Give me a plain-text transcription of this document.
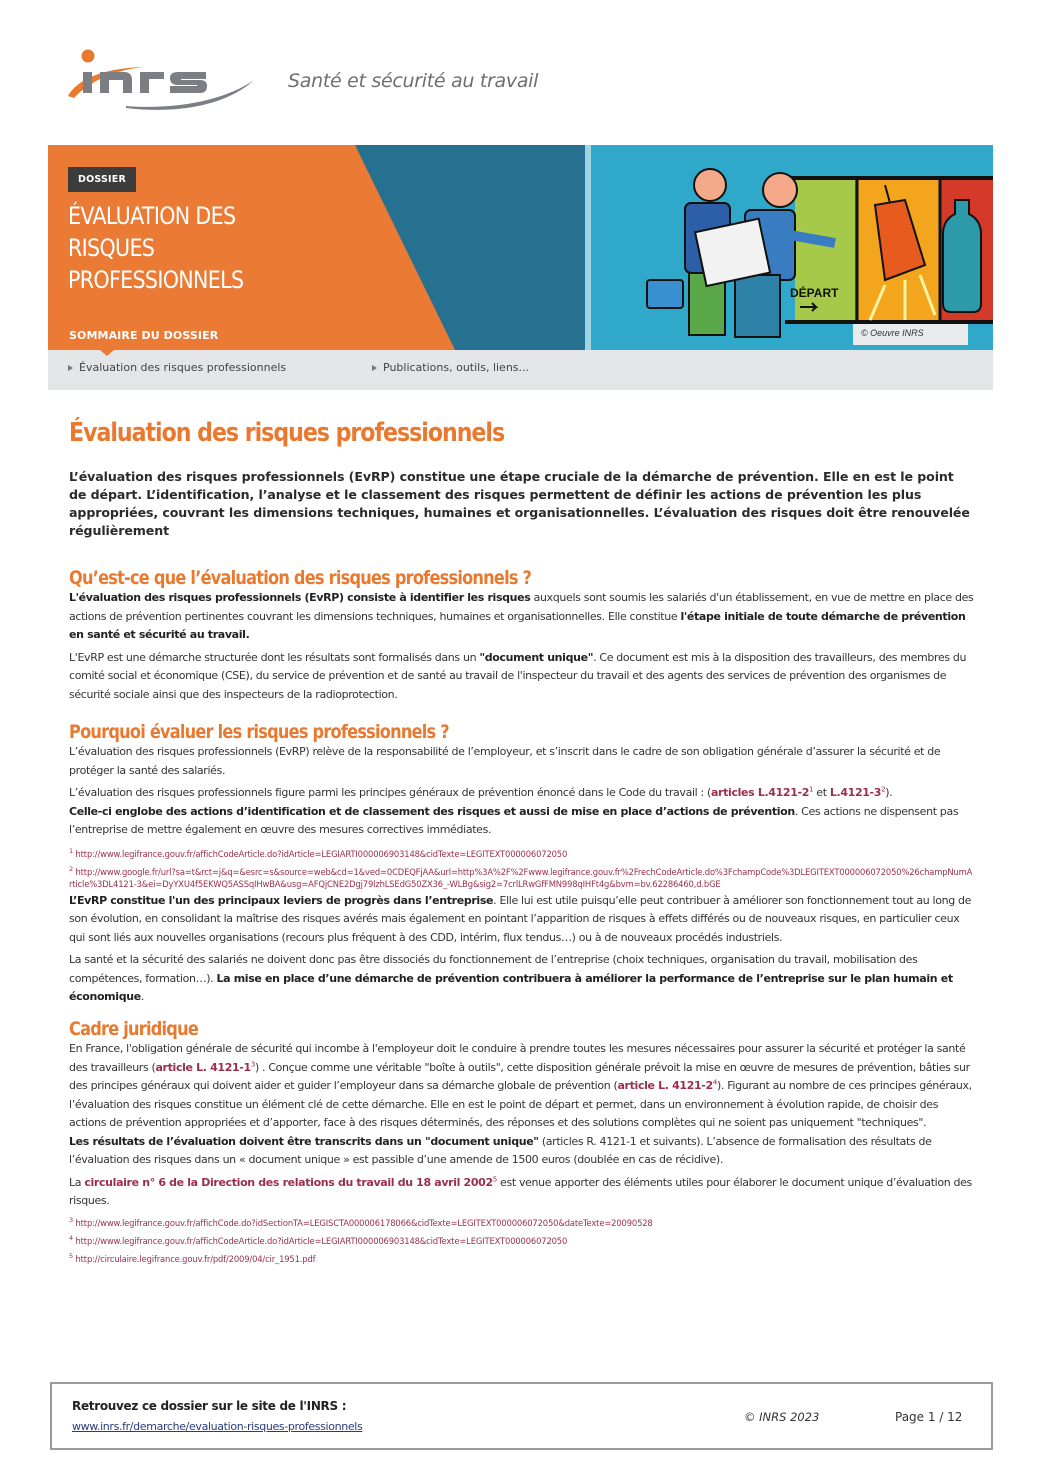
inrs
Santé et sécurité au travail
DOSSIER
ÉVALUATION DES
RISQUES
PROFESSIONNELS
SOMMAIRE DU DOSSIER
DÉPART
© Oeuvre INRS
Évaluation des risques professionnels	Publications, outils, liens...
Évaluation des risques professionnels

L’évaluation des risques professionnels (EvRP) constitue une étape cruciale de la démarche de prévention. Elle en est le point de départ. L’identification, l’analyse et le classement des risques permettent de définir les actions de prévention les plus appropriées, couvrant les dimensions techniques, humaines et organisationnelles. L’évaluation des risques doit être renouvelée régulièrement

Qu’est-ce que l’évaluation des risques professionnels ?

L'évaluation des risques professionnels (EvRP) consiste à identifier les risques auxquels sont soumis les salariés d'un établissement, en vue de mettre en place des actions de prévention pertinentes couvrant les dimensions techniques, humaines et organisationnelles. Elle constitue l'étape initiale de toute démarche de prévention en santé et sécurité au travail.

L'EvRP est une démarche structurée dont les résultats sont formalisés dans un "document unique". Ce document est mis à la disposition des travailleurs, des membres du comité social et économique (CSE), du service de prévention et de santé au travail de l'inspecteur du travail et des agents des services de prévention des organismes de sécurité sociale ainsi que des inspecteurs de la radioprotection.

Pourquoi évaluer les risques professionnels ?

L’évaluation des risques professionnels (EvRP) relève de la responsabilité de l’employeur, et s’inscrit dans le cadre de son obligation générale d’assurer la sécurité et de protéger la santé des salariés.

L’évaluation des risques professionnels figure parmi les principes généraux de prévention énoncé dans le Code du travail : (articles L.4121-2$^1$ et $L.4121-3^2$).

Celle-ci englobe des actions d’identification et de classement des risques et aussi de mise en place d’actions de prévention. Ces actions ne dispensent pas l’entreprise de mettre également en œuvre des mesures correctives immédiates.

$^1$ http://www.legifrance.gouv.fr/affichCodeArticle.do?idArticle=LEGIARTI000006903148&cidTexte=LEGITEXT000006072050
$^2$ http://www.google.fr/url?sa=t&rct=j&q=&esrc=s&source=web&cd=1&ved=0CDEQFjAA&url=http%3A%2F%2Fwww.legifrance.gouv.fr%2FrechCodeArticle.do%3FchampCode%3DLEGITEXT000006072050%26champNumArticle%3DL4121-3&ei=DyYXU4f5EKWQ5ASSqIHwBA&usg=AFQjCNE2Dgj79lzhLSEdG50ZX36_-WLBg&sig2=7crlLRwGfFMN998qIHFt4g&bvm=bv.62286460,d.bGE

L’EvRP constitue l'un des principaux leviers de progrès dans l’entreprise. Elle lui est utile puisqu’elle peut contribuer à améliorer son fonctionnement tout au long de son évolution, en consolidant la maîtrise des risques avérés mais également en pointant l’apparition de risques à effets différés ou de nouveaux risques, en particulier ceux qui sont liés aux nouvelles organisations (recours plus fréquent à des CDD, intérim, flux tendus…) ou à de nouveaux procédés industriels.

La santé et la sécurité des salariés ne doivent donc pas être dissociés du fonctionnement de l’entreprise (choix techniques, organisation du travail, mobilisation des compétences, formation…). La mise en place d’une démarche de prévention contribuera à améliorer la performance de l’entreprise sur le plan humain et économique.

Cadre juridique

En France, l'obligation générale de sécurité qui incombe à l'employeur doit le conduire à prendre toutes les mesures nécessaires pour assurer la sécurité et protéger la santé des travailleurs (article L. $4121-1^3$) . Conçue comme une véritable "boîte à outils", cette disposition générale prévoit la mise en œuvre de mesures de prévention, bâties sur des principes généraux qui doivent aider et guider l’employeur dans sa démarche globale de prévention (article L. $4121-2^4$). Figurant au nombre de ces principes généraux, l’évaluation des risques constitue un élément clé de cette démarche. Elle en est le point de départ et permet, dans un environnement à évolution rapide, de choisir des actions de prévention appropriées et d’apporter, face à des risques déterminés, des réponses et des solutions complètes qui ne soient pas uniquement "techniques".

Les résultats de l’évaluation doivent être transcrits dans un "document unique" (articles R. 4121-1 et suivants). L’absence de formalisation des résultats de l’évaluation des risques dans un « document unique » est passible d’une amende de 1500 euros (doublée en cas de récidive).

La circulaire n° 6 de la Direction des relations du travail du 18 avril 2002$^5$ est venue apporter des éléments utiles pour élaborer le document unique d’évaluation des risques.

$^3$ http://www.legifrance.gouv.fr/affichCode.do?idSectionTA=LEGISCTA000006178066&cidTexte=LEGITEXT000006072050&dateTexte=20090528
$^4$ http://www.legifrance.gouv.fr/affichCodeArticle.do?idArticle=LEGIARTI000006903148&cidTexte=LEGITEXT000006072050
$^5$ http://circulaire.legifrance.gouv.fr/pdf/2009/04/cir_1951.pdf
Retrouvez ce dossier sur le site de l'INRS :
www.inrs.fr/demarche/evaluation-risques-professionnels
© INRS 2023	Page 1 / 12
